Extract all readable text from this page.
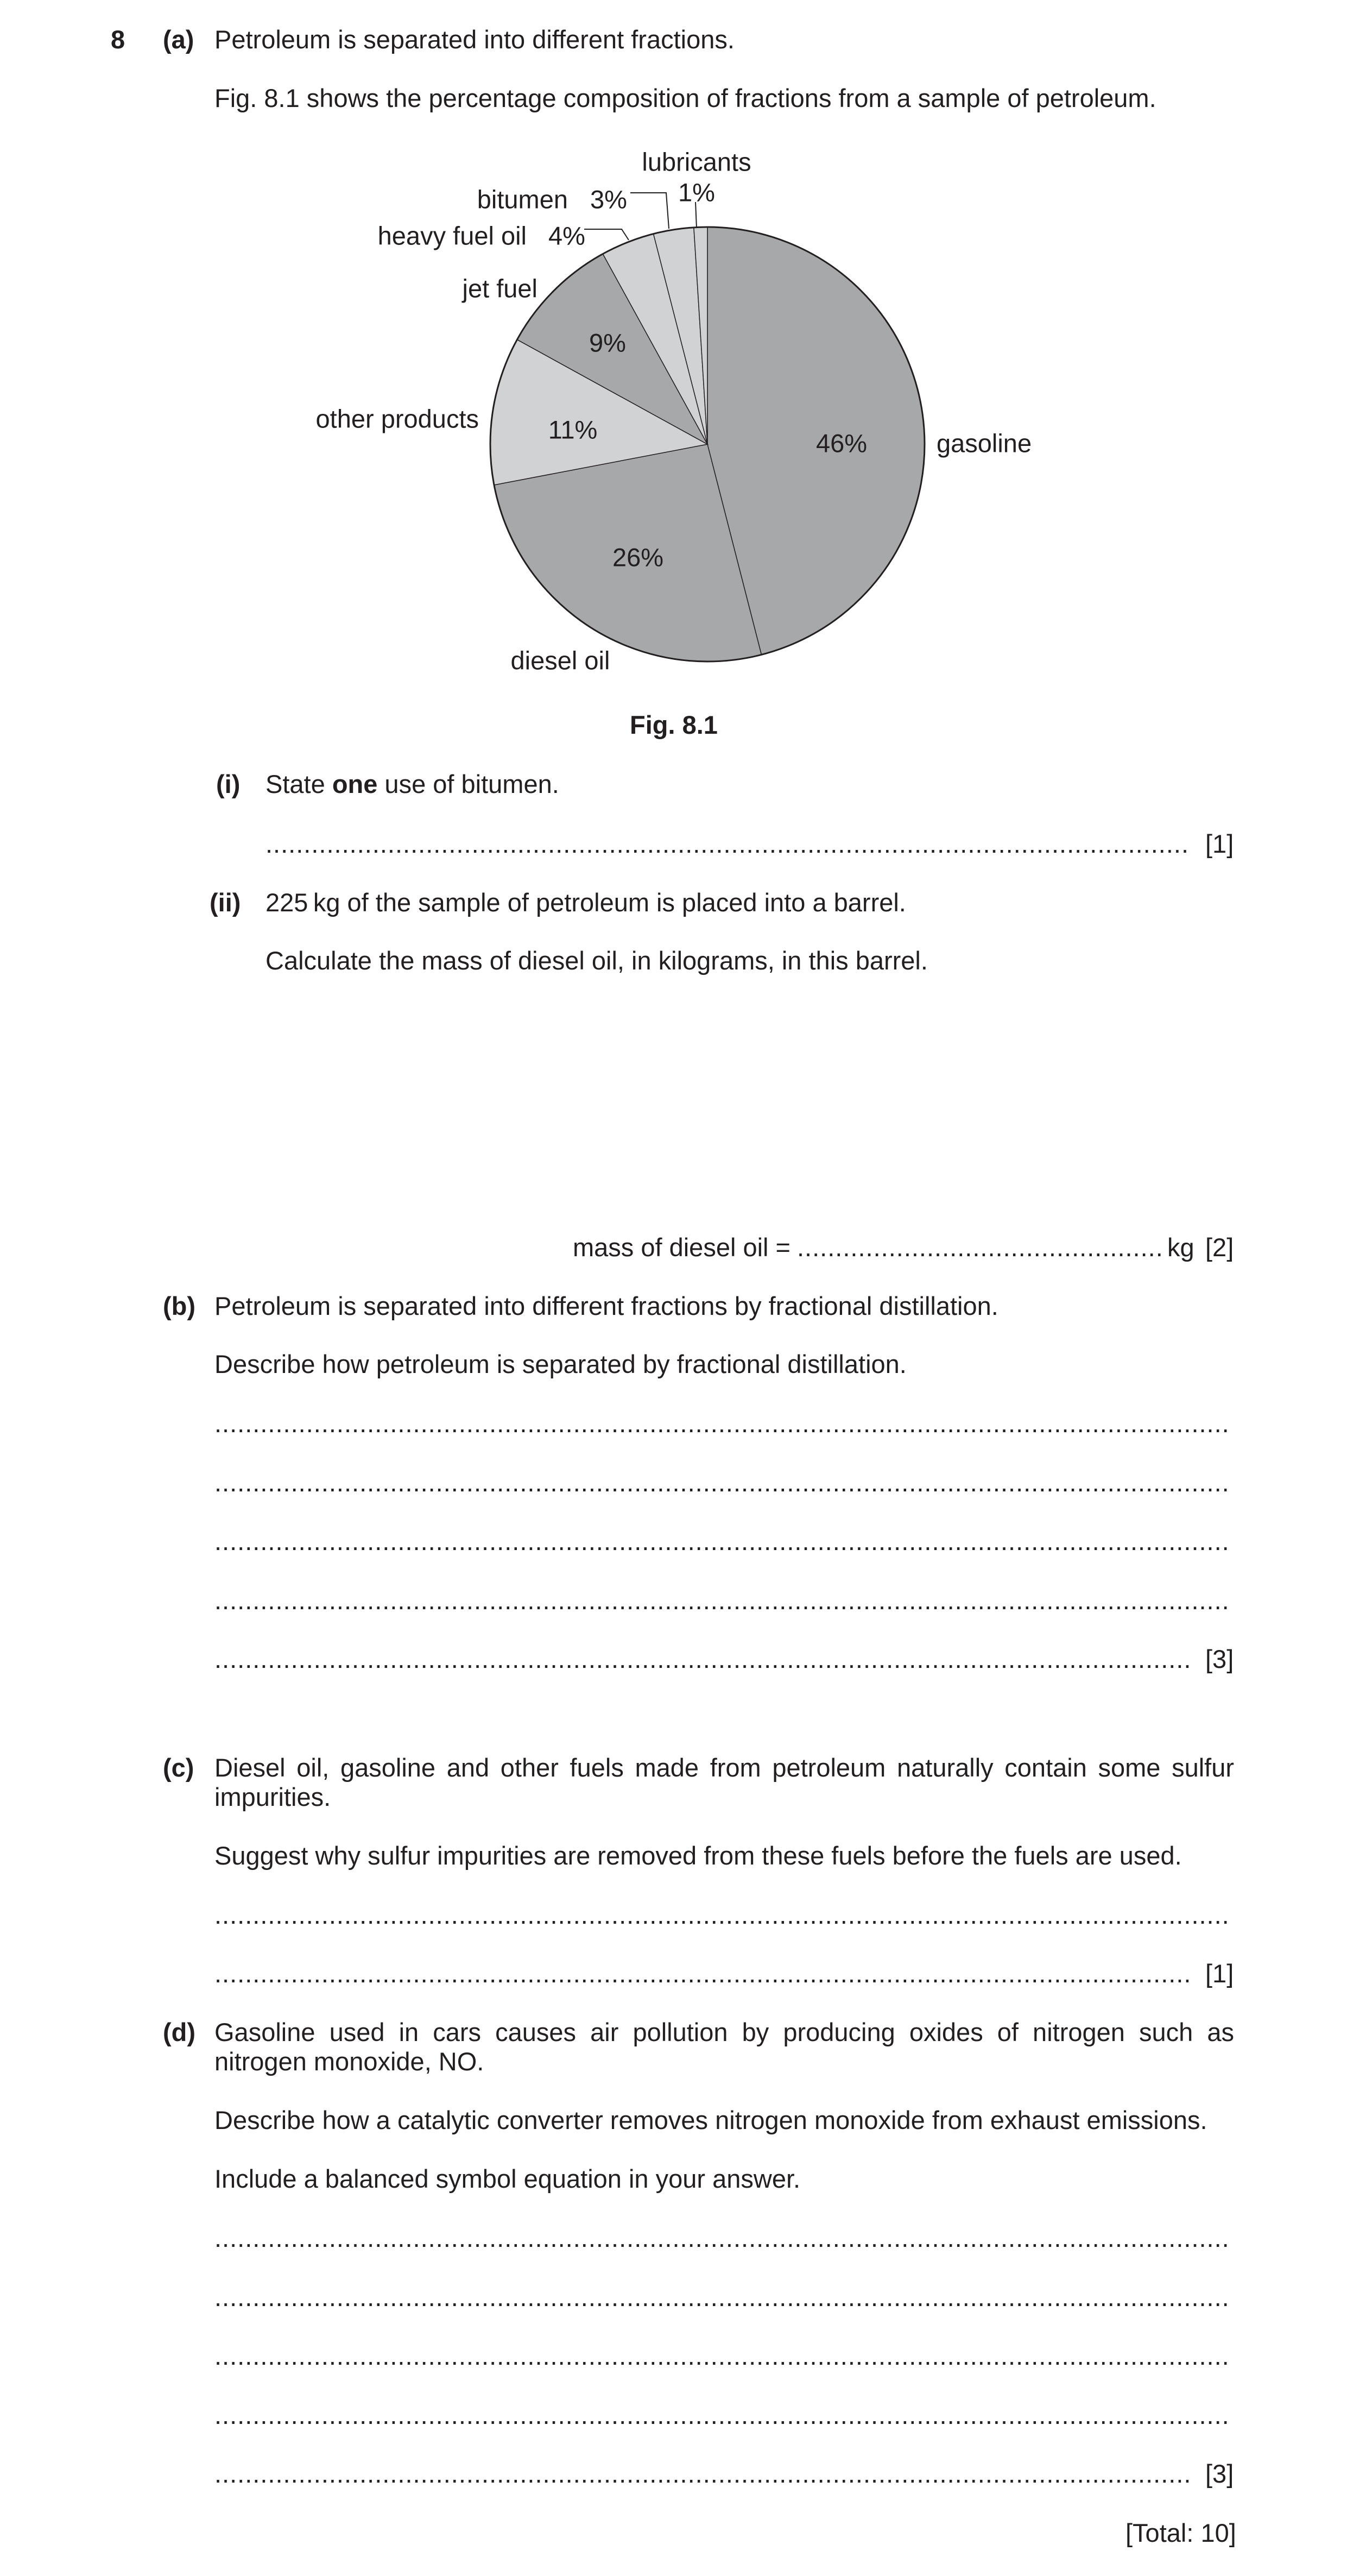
8 (a) Petroleum is separated into different fractions.
Fig. 8.1 shows the percentage composition of fractions from a sample of petroleum.
gasoline
46%
diesel oil
26%
other products	11%
jet fuel
9%
heavy fuel oil 4%
bitumen 3%
lubricants
1%
Fig. 8.1
(i) State one use of bitumen.
.....
[1]
(ii) 225 kg of the sample of petroleum is placed into a barrel.
Calculate the mass of diesel oil, in kilograms, in this barrel.
mass of diesel oil =
.....	kg [2]
(b) Petroleum is separated into different fractions by fractional distillation.
Describe how petroleum is separated by fractional distillation.
.....
.....
.....
.....
.....
[3]
(c) Diesel oil, gasoline and other fuels made from petroleum naturally contain some sulfur impurities.
Suggest why sulfur impurities are removed from these fuels before the fuels are used.
.....
.....
[1]
(d) Gasoline used in cars causes air pollution by producing oxides of nitrogen such as nitrogen monoxide, NO.
Describe how a catalytic converter removes nitrogen monoxide from exhaust emissions.
Include a balanced symbol equation in your answer.
.....
.....
.....
.....
.....
[3]
[Total: 10]
